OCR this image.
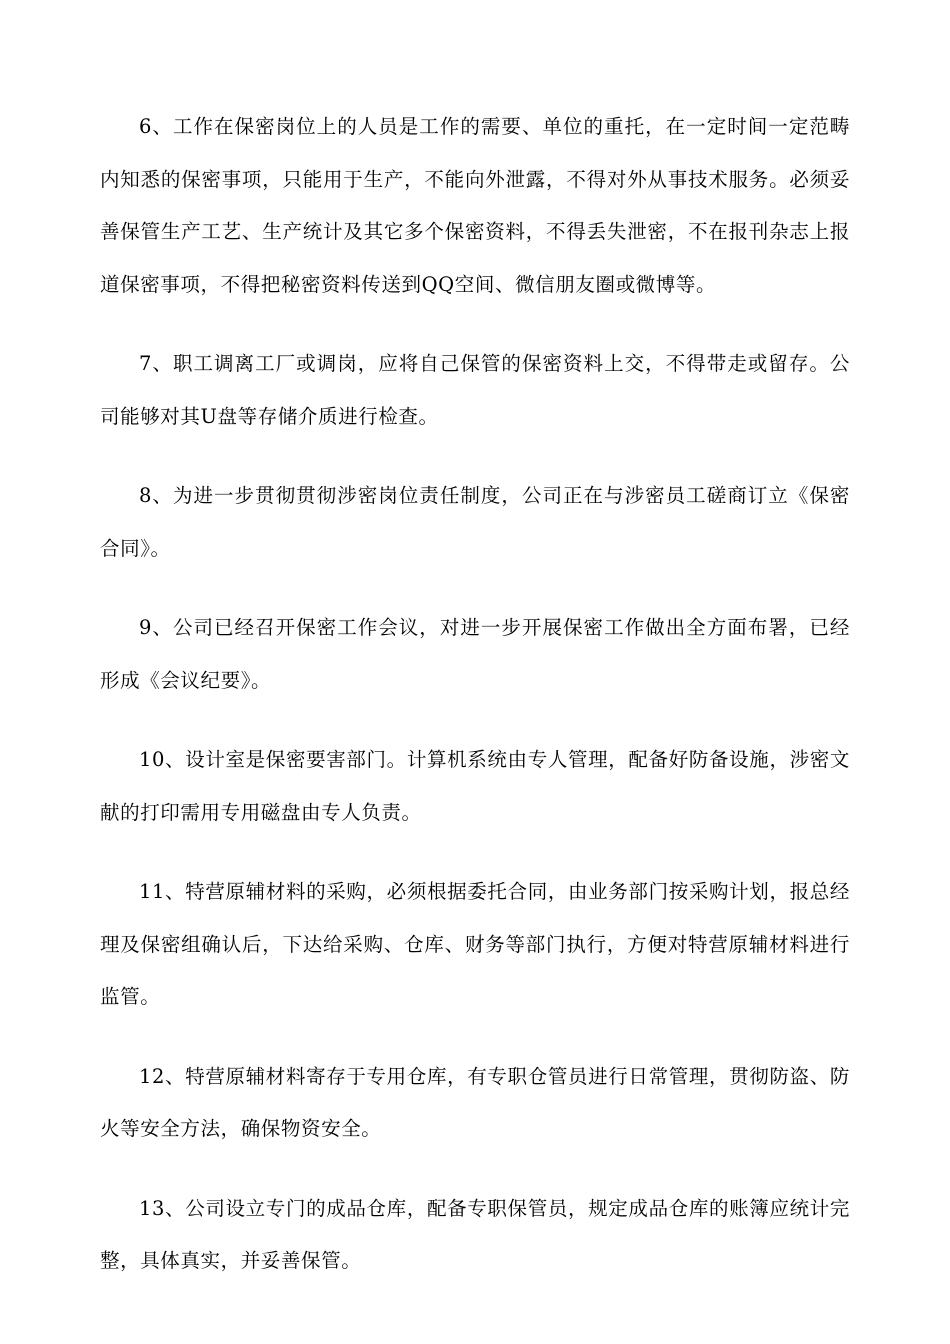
6、工作在保密岗位上的人员是工作的需要、单位的重托，在一定时间一定范畴内知悉的保密事项，只能用于生产，不能向外泄露，不得对外从事技术服务。必须妥善保管生产工艺、生产统计及其它多个保密资料，不得丢失泄密，不在报刊杂志上报道保密事项，不得把秘密资料传送到QQ空间、微信朋友圈或微博等。

7、职工调离工厂或调岗，应将自己保管的保密资料上交，不得带走或留存。公司能够对其U盘等存储介质进行检查。

8、为进一步贯彻贯彻涉密岗位责任制度，公司正在与涉密员工磋商订立《保密合同》。

9、公司已经召开保密工作会议，对进一步开展保密工作做出全方面布署，已经形成《会议纪要》。

10、设计室是保密要害部门。计算机系统由专人管理，配备好防备设施，涉密文献的打印需用专用磁盘由专人负责。

11、特营原辅材料的采购，必须根据委托合同，由业务部门按采购计划，报总经理及保密组确认后，下达给采购、仓库、财务等部门执行，方便对特营原辅材料进行监管。

12、特营原辅材料寄存于专用仓库，有专职仓管员进行日常管理，贯彻防盗、防火等安全方法，确保物资安全。

13、公司设立专门的成品仓库，配备专职保管员，规定成品仓库的账簿应统计完整，具体真实，并妥善保管。
